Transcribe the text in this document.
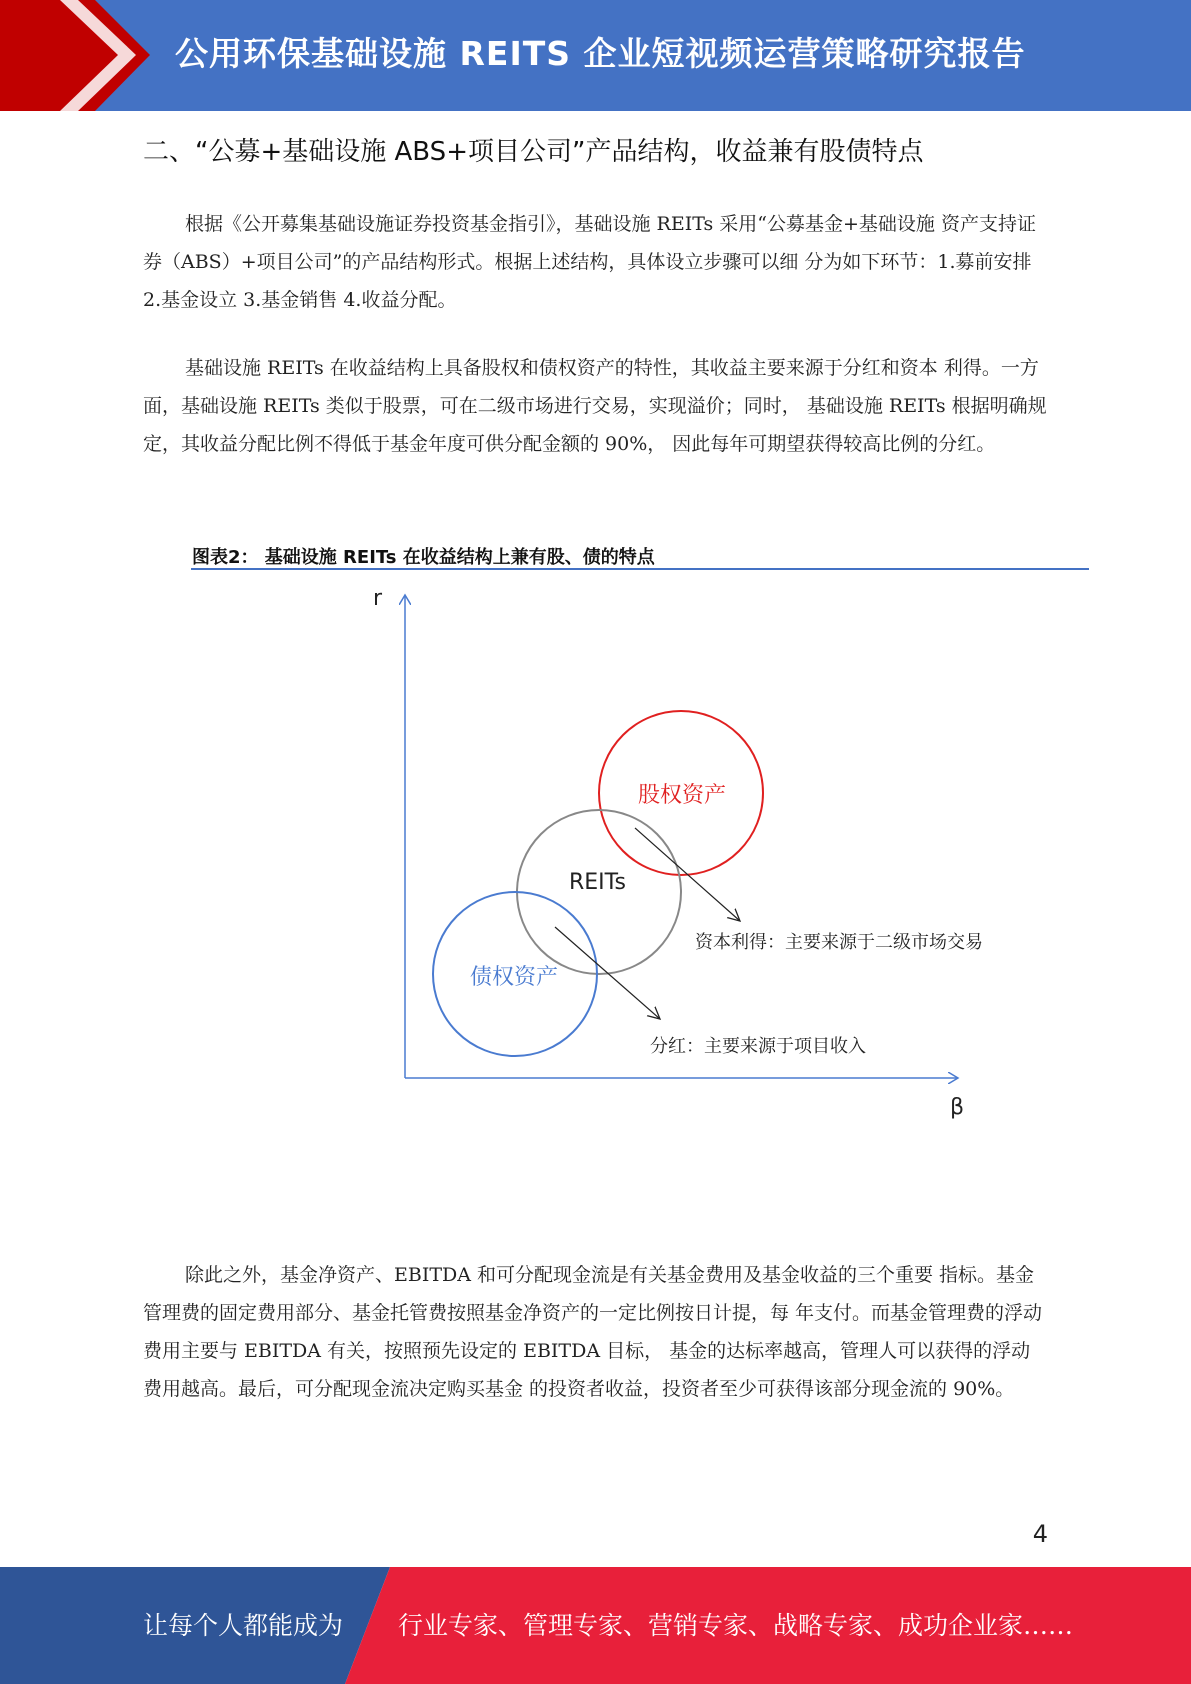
公用环保基础设施 REITS 企业短视频运营策略研究报告
二、“公募+基础设施 ABS+项目公司”产品结构，收益兼有股债特点

根据《公开募集基础设施证券投资基金指引》，基础设施 REITs 采用“公募基金+基础设施 资产支持证券（ABS）+项目公司”的产品结构形式。根据上述结构，具体设立步骤可以细 分为如下环节：1.募前安排 2.基金设立 3.基金销售 4.收益分配。

基础设施 REITs 在收益结构上具备股权和债权资产的特性，其收益主要来源于分红和资本 利得。一方面，基础设施 REITs 类似于股票，可在二级市场进行交易，实现溢价；同时， 基础设施 REITs 根据明确规定，其收益分配比例不得低于基金年度可供分配金额的 90%， 因此每年可期望获得较高比例的分红。

图表2： 基础设施 REITs 在收益结构上兼有股、债的特点
r
β
股权资产
REITs
债权资产
资本利得：主要来源于二级市场交易
分红：主要来源于项目收入

除此之外，基金净资产、EBITDA 和可分配现金流是有关基金费用及基金收益的三个重要 指标。基金管理费的固定费用部分、基金托管费按照基金净资产的一定比例按日计提，每 年支付。而基金管理费的浮动费用主要与 EBITDA 有关，按照预先设定的 EBITDA 目标， 基金的达标率越高，管理人可以获得的浮动费用越高。最后，可分配现金流决定购买基金 的投资者收益，投资者至少可获得该部分现金流的 90%。

4
让每个人都能成为 行业专家、管理专家、营销专家、战略专家、成功企业家……
